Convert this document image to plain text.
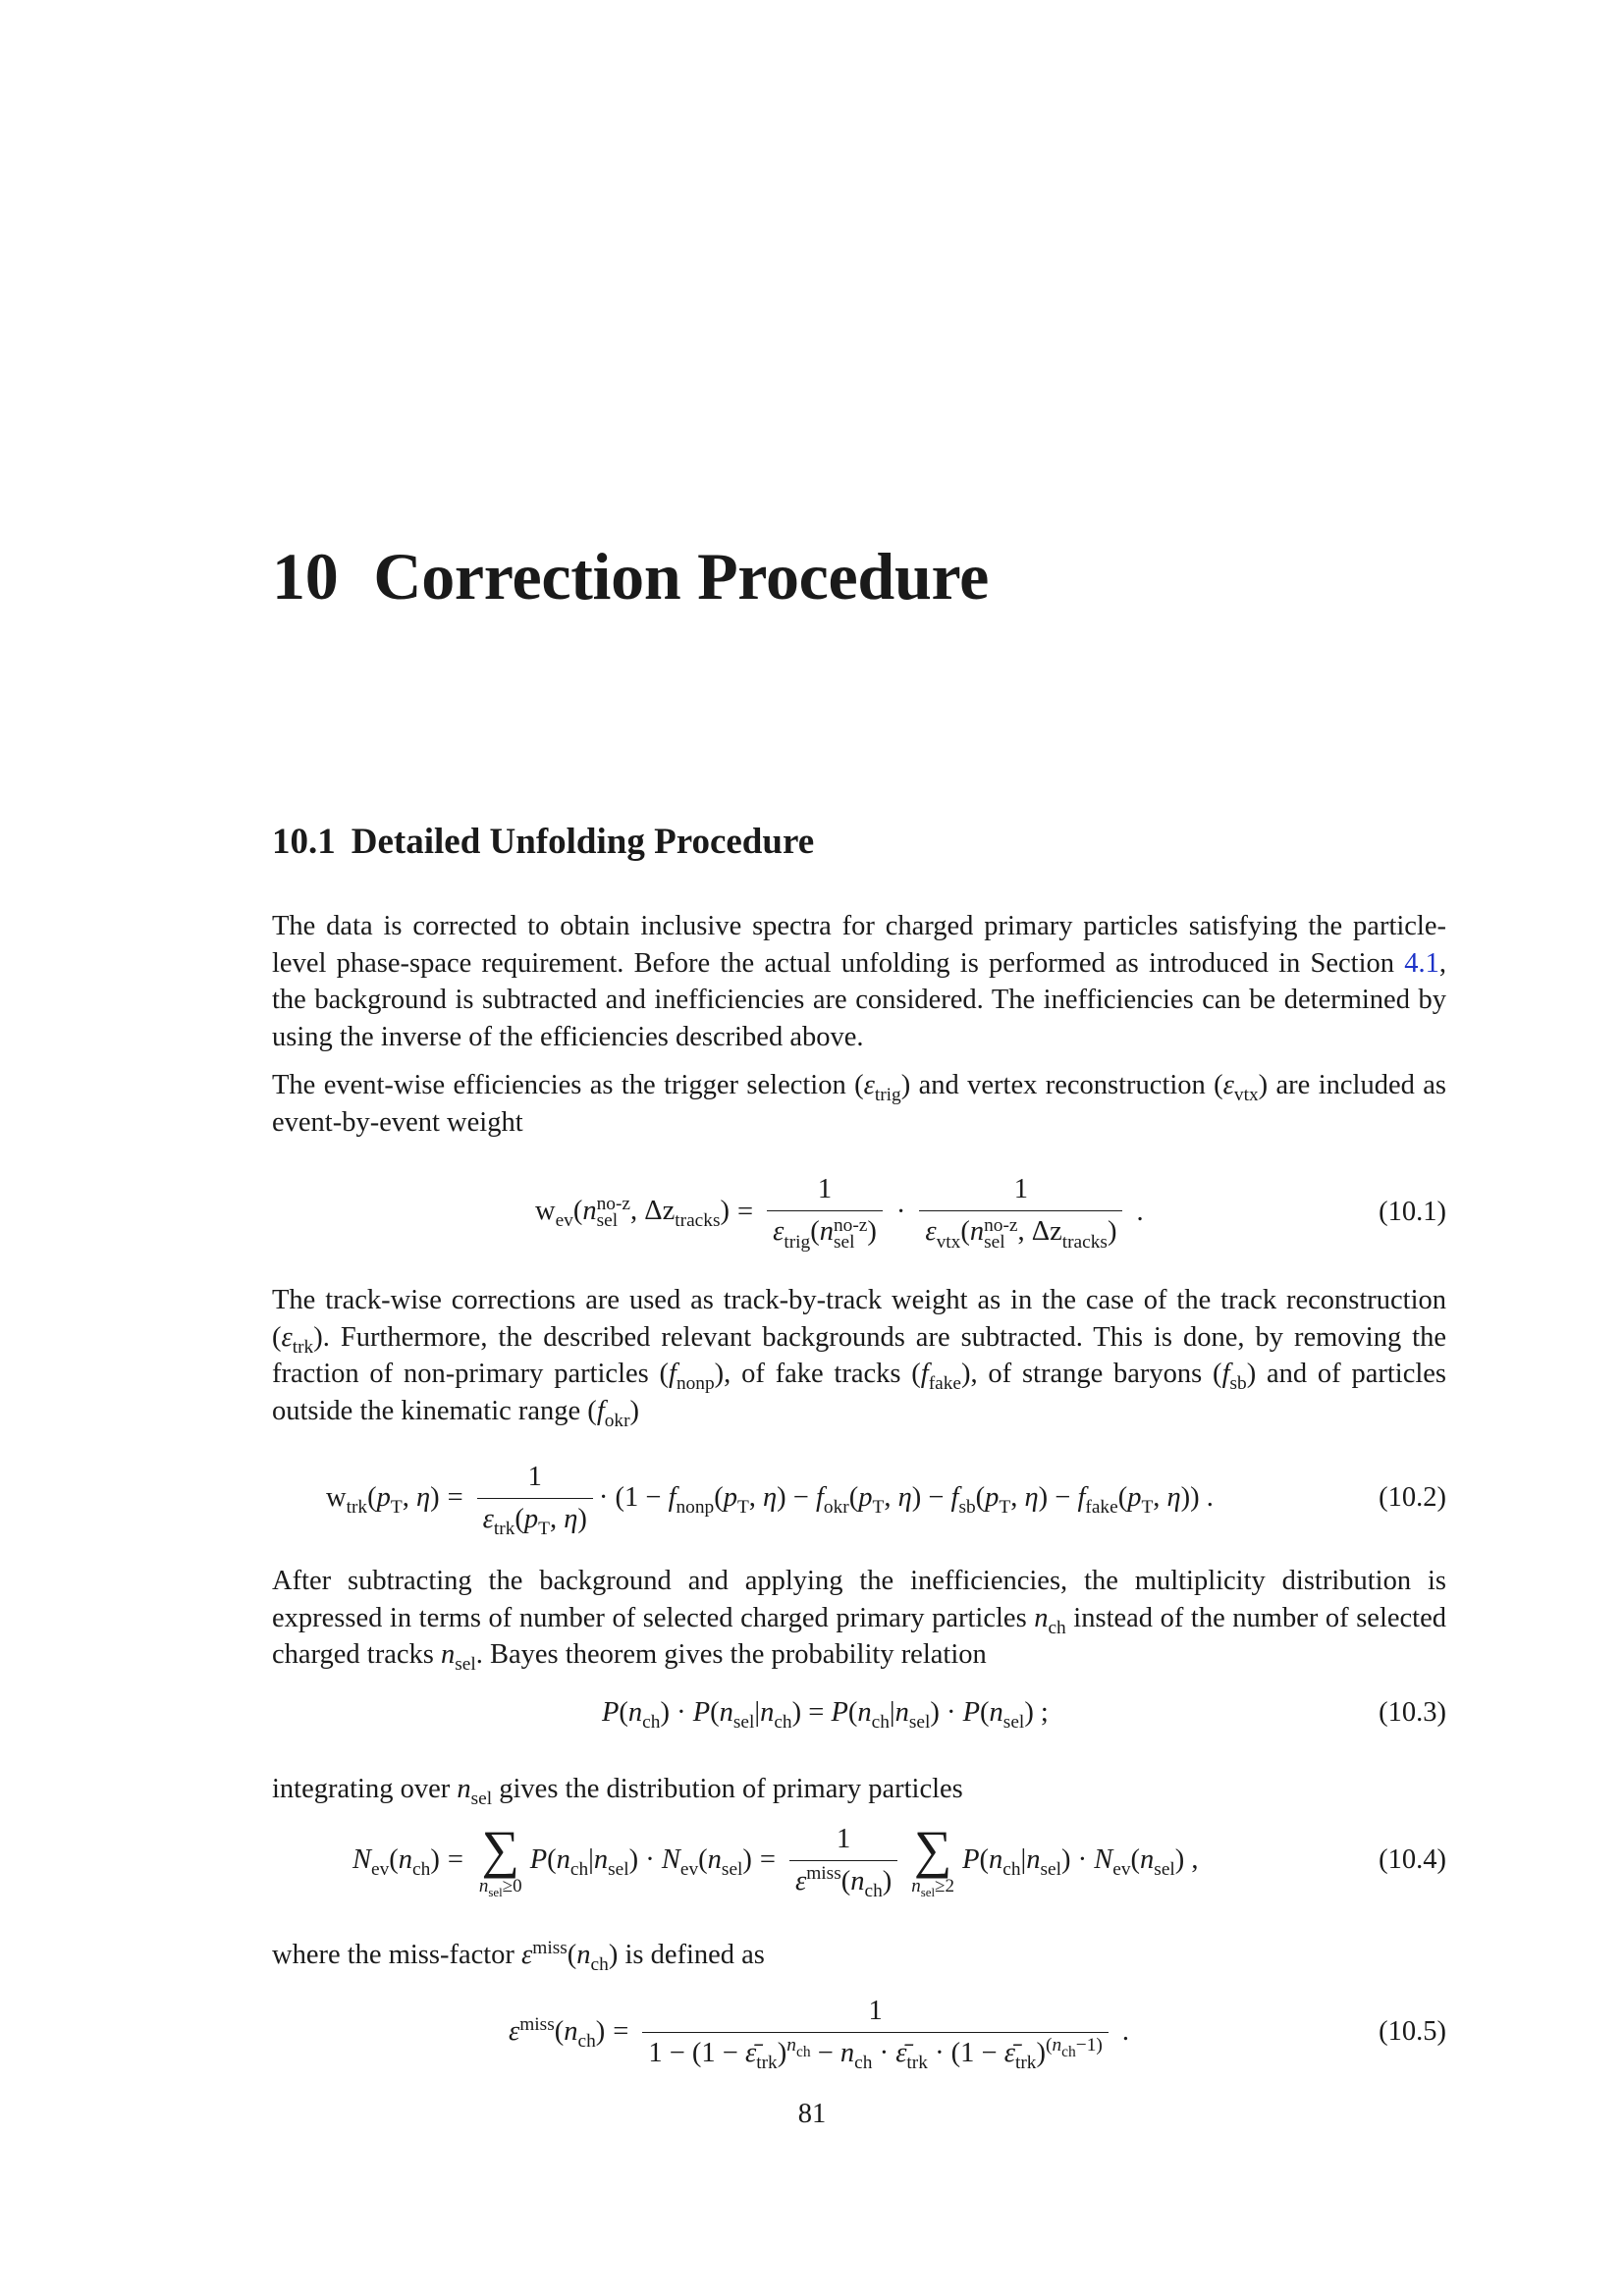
10 Correction Procedure
10.1 Detailed Unfolding Procedure

The data is corrected to obtain inclusive spectra for charged primary particles satisfying the particle-level phase-space requirement. Before the actual unfolding is performed as introduced in Section 4.1, the background is subtracted and inefficiencies are considered. The inefficiencies can be determined by using the inverse of the efficiencies described above.

The event-wise efficiencies as the trigger selection $(\varepsilon_{trig})$ and vertex reconstruction $(\varepsilon_{vtx})$ are included as event-by-event weight

$w_{ev}(n$ no-z
sel , $\Delta z_{tracks}) = 1$
$\varepsilon_{trig}(n$ no-z
sel ) · 1
$\varepsilon_{vtx}(n$ no-z
sel , $\Delta z_{tracks}$) .	(10.1)

The track-wise corrections are used as track-by-track weight as in the case of the track reconstruction $(\varepsilon_{trk})$. Furthermore, the described relevant backgrounds are subtracted. This is done, by removing the fraction of non-primary particles $(f_{nonp})$, of fake tracks $(f_{fake})$, of strange baryons $(f_{sb})$ and of particles outside the kinematic range $(f_{okr})$

$w_{trk}(p_T$, $\eta) = \frac{1}{\varepsilon_{trk}(p_T, \eta)} \cdot (1 - f_{nonp}(p_T$, $\eta) - f_{okr}(p_T$, $\eta) - f_{sb}(p_T$, $\eta) - f_{fake}(p_T$, η)) .	(10.2)

After subtracting the background and applying the inefficiencies, the multiplicity distribution is expressed in terms of number of selected charged primary particles $n_{ch}$ instead of the number of selected charged tracks $n_{sel}$. Bayes theorem gives the probability relation

$P(n_{ch}) \cdot P(n_{sel}|n_{ch}) = P(n_{ch}|n_{sel}) \cdot P(n_{sel})$ ;	(10.3)

integrating over $n_{sel}$ gives the distribution of primary particles

$N_{ev}(n_{ch})$ = ∑
$n_{sel}\ge 0$
$P(n_{ch}|n_{sel}) \cdot N_{ev}(n_{sel}) = \frac{1}{\varepsilon^{miss}(n_{ch})}$ ∑
$n_{sel}\ge 2$
$P(n_{ch}|n_{sel}) \cdot N_{ev}(n_{sel})$ ,	(10.4)

where the miss-factor $\varepsilon^{miss}(n_{ch})$ is defined as

$\varepsilon^{miss}(n_{ch}) = \frac{1}{1 - (1 - \varepsilon̄_{trk})^{n_{ch}} - n_{ch} \cdot \varepsilon̄_{trk} \cdot (1 - \varepsilon̄_{trk})^{(n_{ch}-1)}}$ .	(10.5)

81
